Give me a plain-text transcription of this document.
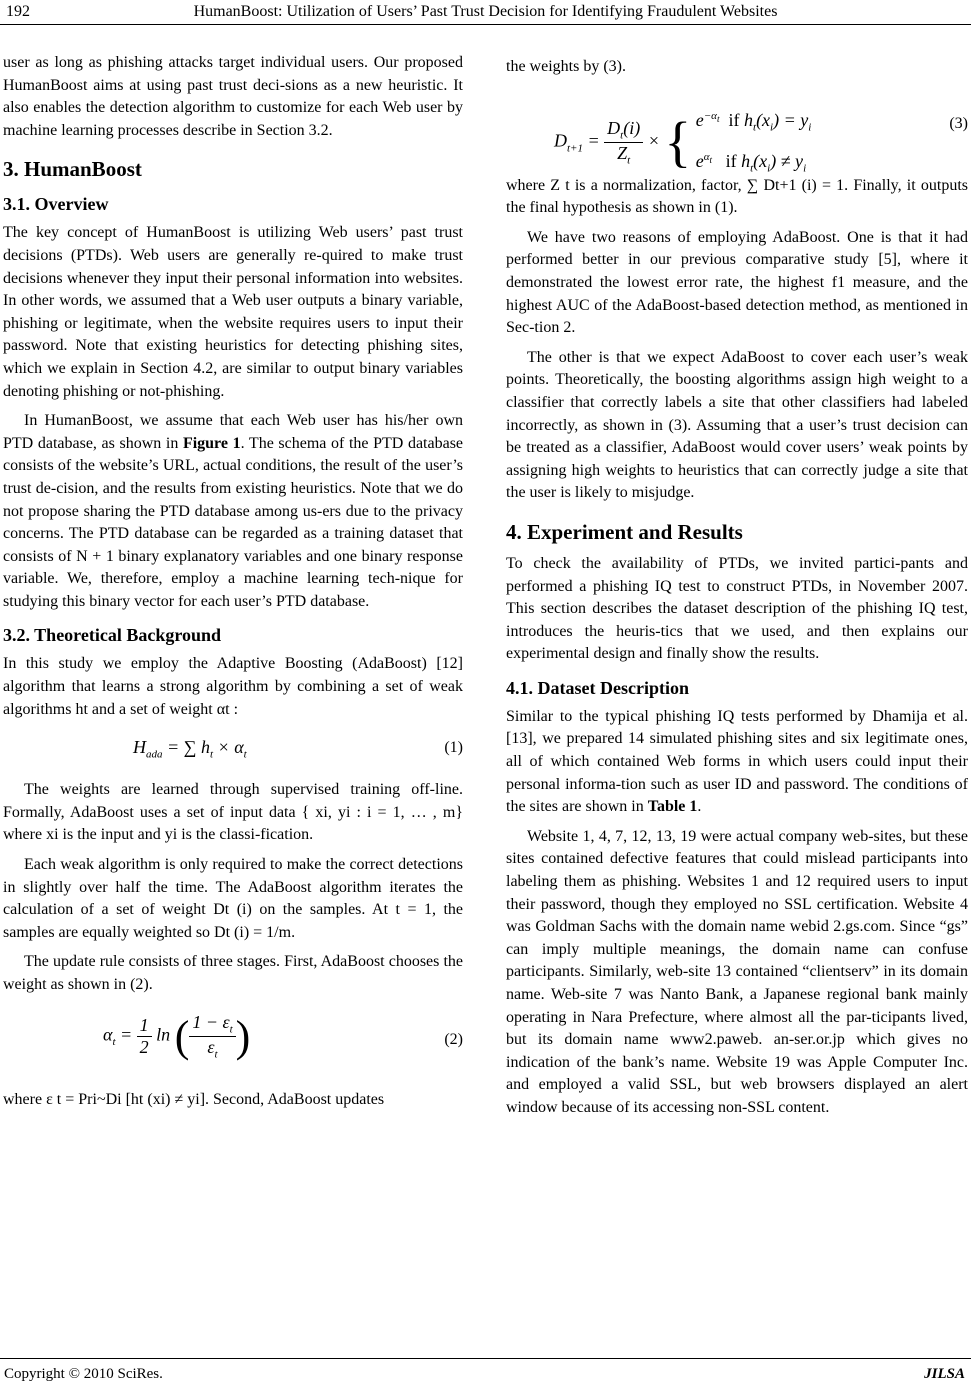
192	HumanBoost: Utilization of Users’ Past Trust Decision for Identifying Fraudulent Websites

user as long as phishing attacks target individual users. Our proposed HumanBoost aims at using past trust deci-sions as a new heuristic. It also enables the detection algorithm to customize for each Web user by machine learning processes describe in Section 3.2.

3. HumanBoost
3.1. Overview

The key concept of HumanBoost is utilizing Web users’ past trust decisions (PTDs). Web users are generally re-quired to make trust decisions whenever they input their personal information into websites. In other words, we assumed that a Web user outputs a binary variable, phishing or legitimate, when the website requires users to input their password. Note that existing heuristics for detecting phishing sites, which we explain in Section 4.2, are similar to output binary variables denoting phishing or not-phishing.

In HumanBoost, we assume that each Web user has his/her own PTD database, as shown in Figure 1. The schema of the PTD database consists of the website’s URL, actual conditions, the result of the user’s trust de-cision, and the results from existing heuristics. Note that we do not propose sharing the PTD database among us-ers due to the privacy concerns. The PTD database can be regarded as a training dataset that consists of N + 1 binary explanatory variables and one binary response variable. We, therefore, employ a machine learning tech-nique for studying this binary vector for each user’s PTD database.

3.2. Theoretical Background

In this study we employ the Adaptive Boosting (AdaBoost) [12] algorithm that learns a strong algorithm by combining a set of weak algorithms ht and a set of weight αt :

$H_{ada}$ = ∑ $h_t \times \alpha_t$	(1)

The weights are learned through supervised training off-line. Formally, AdaBoost uses a set of input data { xi, yi : i = 1, … , m} where xi is the input and yi is the classi-fication.

Each weak algorithm is only required to make the correct detections in slightly over half the time. The AdaBoost algorithm iterates the calculation of a set of weight Dt (i) on the samples. At t = 1, the samples are equally weighted so Dt (i) = 1/m.

The update rule consists of three stages. First, AdaBoost chooses the weight as shown in (2).

$\alpha_t = \frac{1}{2}$ ln ( $\frac{1 - \varepsilon_t}{\varepsilon_t}$ )	(2)

where ε t = Pri~Di [ht (xi) ≠ yi]. Second, AdaBoost updates

the weights by (3).

$D_{t+1} = \frac{D_t(i)}{Z_t}$ × { $e^{-\alpha_t}$ if $h_t(x_i) = y_i$
$e^{\alpha_t}$ if $h_t(x_i) \ne y_i$
(3)

where Z t is a normalization, factor, ∑ Dt+1 (i) = 1. Finally, it outputs the final hypothesis as shown in (1).

We have two reasons of employing AdaBoost. One is that it had performed better in our previous comparative study [5], where it demonstrated the lowest error rate, the highest f1 measure, and the highest AUC of the AdaBoost-based detection method, as mentioned in Sec-tion 2.

The other is that we expect AdaBoost to cover each user’s weak points. Theoretically, the boosting algorithms assign high weight to a classifier that correctly labels a site that other classifiers had labeled incorrectly, as shown in (3). Assuming that a user’s trust decision can be treated as a classifier, AdaBoost would cover users’ weak points by assigning high weights to heuristics that can correctly judge a site that the user is likely to misjudge.

4. Experiment and Results

To check the availability of PTDs, we invited partici-pants and performed a phishing IQ test to construct PTDs, in November 2007. This section describes the dataset description of the phishing IQ test, introduces the heuris-tics that we used, and then explains our experimental design and finally show the results.

4.1. Dataset Description

Similar to the typical phishing IQ tests performed by Dhamija et al. [13], we prepared 14 simulated phishing sites and six legitimate ones, all of which contained Web forms in which users could input their personal informa-tion such as user ID and password. The conditions of the sites are shown in Table 1.

Website 1, 4, 7, 12, 13, 19 were actual company web-sites, but these sites contained defective features that could mislead participants into labeling them as phishing. Websites 1 and 12 required users to input their password, though they employed no SSL certification. Website 4 was Goldman Sachs with the domain name webid 2.gs.com. Since “gs” can imply multiple meanings, the domain name can confuse participants. Similarly, web-site 13 contained “clientserv” in its domain name. Web-site 7 was Nanto Bank, a Japanese regional bank mainly operating in Nara Prefecture, where almost all the par-ticipants lived, but its domain name www2.paweb. an-ser.or.jp which gives no indication of the bank’s name. Website 19 was Apple Computer Inc. and employed a valid SSL, but web browsers displayed an alert window because of its accessing non-SSL content.

Copyright © 2010 SciRes.	JILSA
